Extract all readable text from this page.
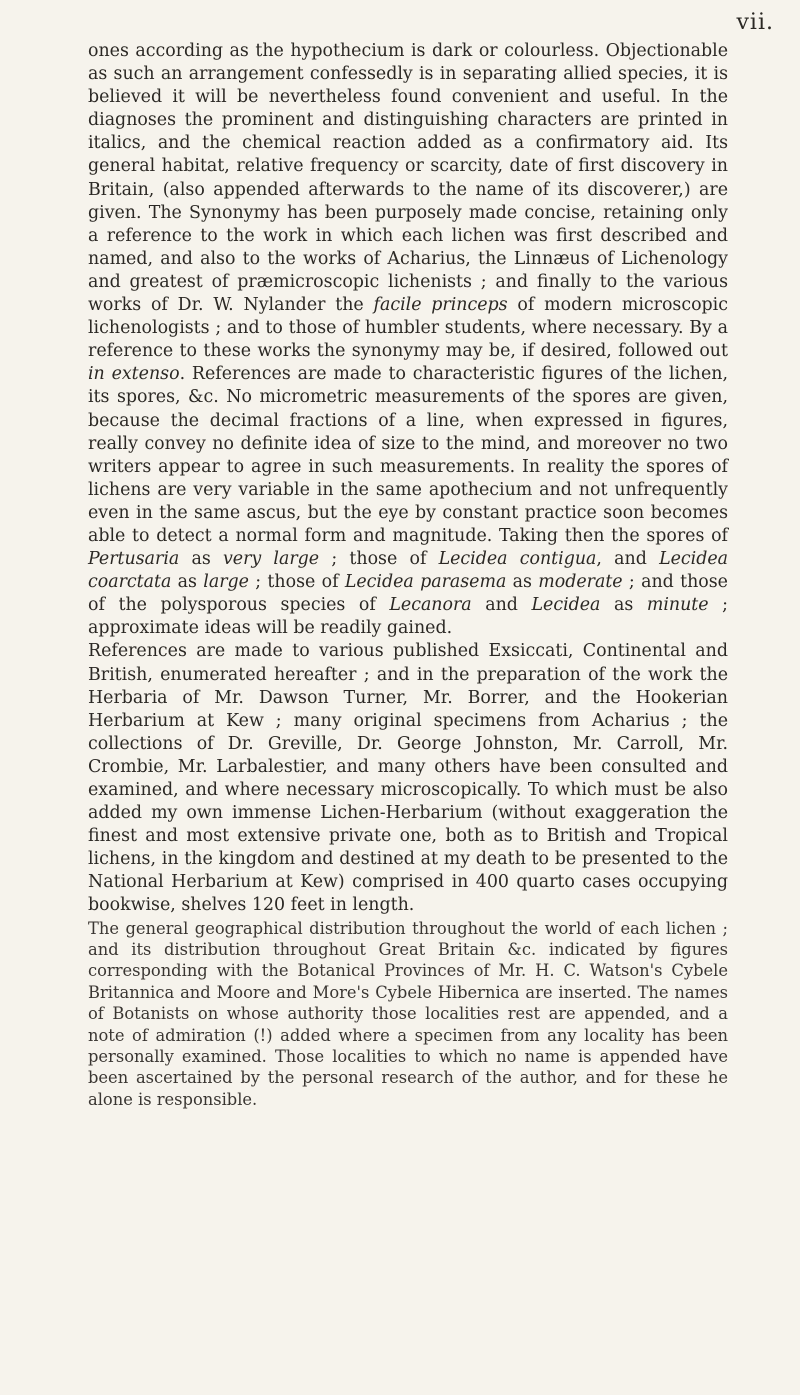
vii.

ones according as the hypothecium is dark or colourless. Objectionable as such an arrangement confessedly is in separating allied species, it is believed it will be nevertheless found convenient and useful. In the diagnoses the prominent and distinguishing characters are printed in italics, and the chemical reaction added as a confirmatory aid. Its general habitat, relative frequency or scarcity, date of first discovery in Britain, (also appended afterwards to the name of its discoverer,) are given. The Synonymy has been purposely made concise, retaining only a reference to the work in which each lichen was first described and named, and also to the works of Acharius, the Linnæus of Lichenology and greatest of præmicroscopic lichenists ; and finally to the various works of Dr. W. Nylander the facile princeps of modern microscopic lichenologists ; and to those of humbler students, where necessary. By a reference to these works the synonymy may be, if desired, followed out in extenso. References are made to characteristic figures of the lichen, its spores, &c. No micrometric measurements of the spores are given, because the decimal fractions of a line, when expressed in figures, really convey no definite idea of size to the mind, and moreover no two writers appear to agree in such measurements. In reality the spores of lichens are very variable in the same apothecium and not unfrequently even in the same ascus, but the eye by constant practice soon becomes able to detect a normal form and magnitude. Taking then the spores of Pertusaria as very large ; those of Lecidea contigua, and Lecidea coarctata as large ; those of Lecidea parasema as moderate ; and those of the polysporous species of Lecanora and Lecidea as minute ; approximate ideas will be readily gained.

References are made to various published Exsiccati, Continental and British, enumerated hereafter ; and in the preparation of the work the Herbaria of Mr. Dawson Turner, Mr. Borrer, and the Hookerian Herbarium at Kew ; many original specimens from Acharius ; the collections of Dr. Greville, Dr. George Johnston, Mr. Carroll, Mr. Crombie, Mr. Larbalestier, and many others have been consulted and examined, and where necessary microscopically. To which must be also added my own immense Lichen-Herbarium (without exaggeration the finest and most extensive private one, both as to British and Tropical lichens, in the kingdom and destined at my death to be presented to the National Herbarium at Kew) comprised in 400 quarto cases occupying bookwise, shelves 120 feet in length.

The general geographical distribution throughout the world of each lichen ; and its distribution throughout Great Britain &c. indicated by figures corresponding with the Botanical Provinces of Mr. H. C. Watson's Cybele Britannica and Moore and More's Cybele Hibernica are inserted. The names of Botanists on whose authority those localities rest are appended, and a note of admiration (!) added where a specimen from any locality has been personally examined. Those localities to which no name is appended have been ascertained by the personal research of the author, and for these he alone is responsible.
